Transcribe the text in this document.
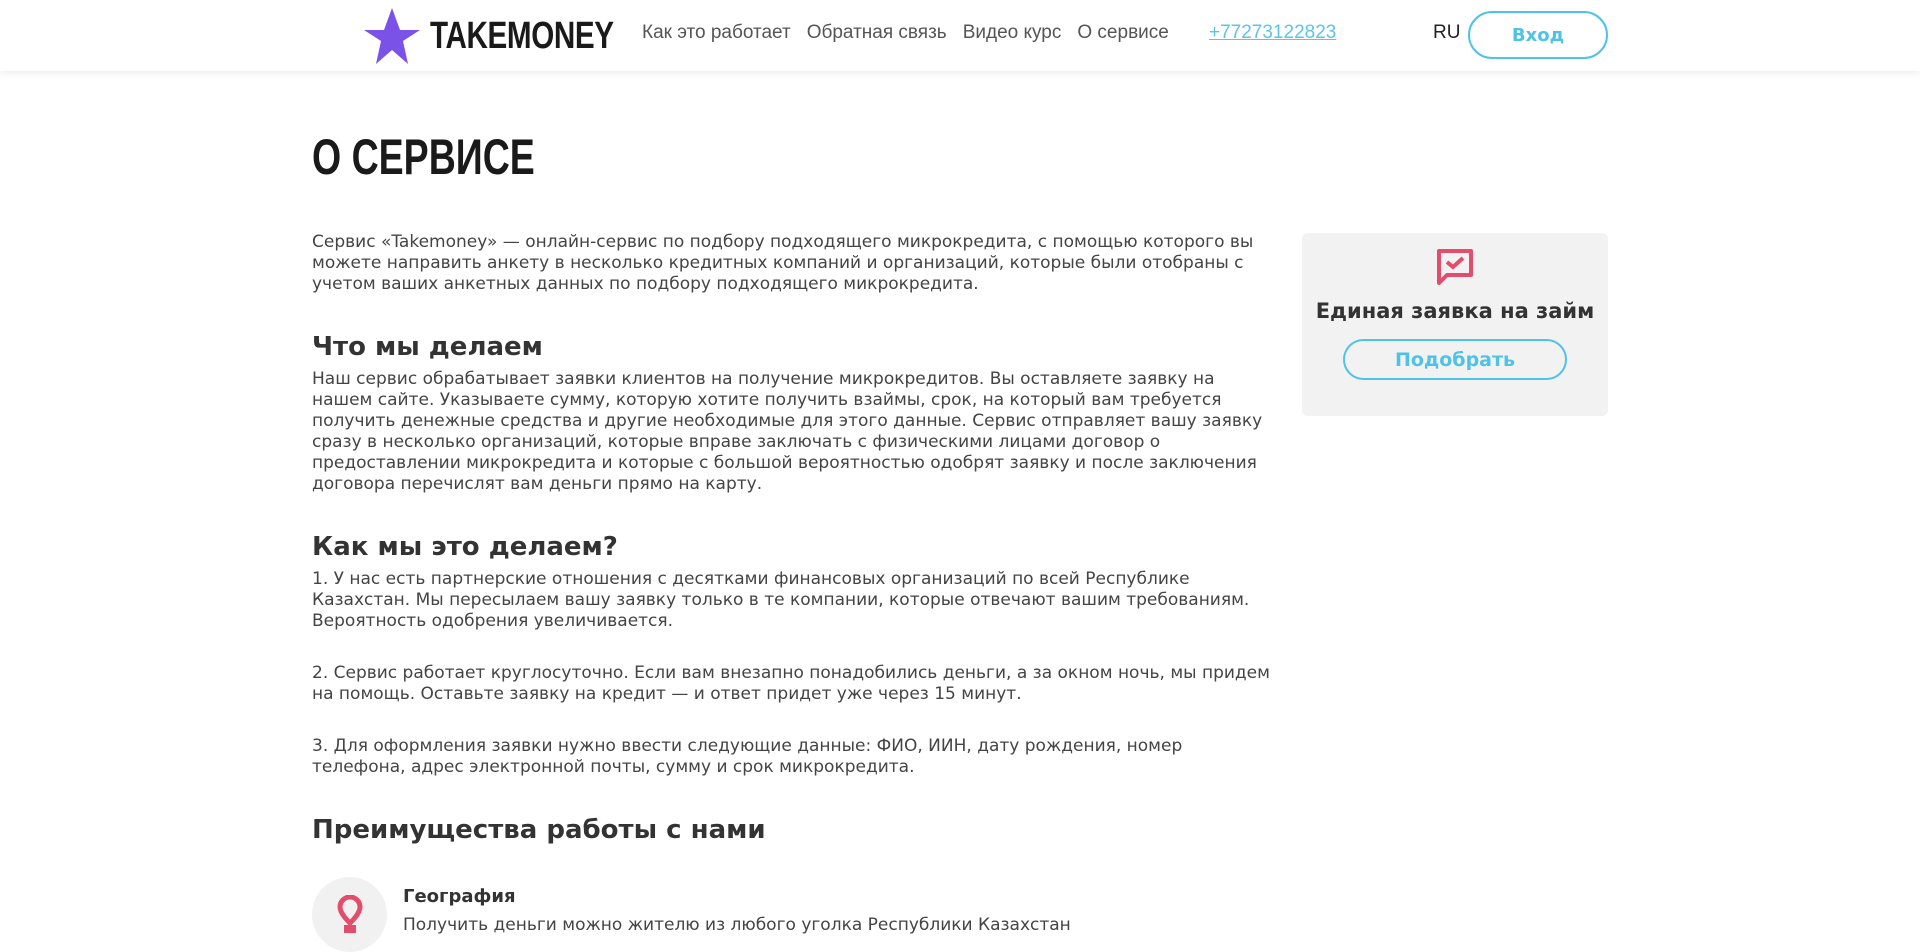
TAKEMONEY Как это работает Обратная связь Видео курс О сервисе +77273122823	RU	Вход
О СЕРВИСЕ

Сервис «Takemoney» — онлайн-сервис по подбору подходящего микрокредита, с помощью которого вы можете направить анкету в несколько кредитных компаний и организаций, которые были отобраны с учетом ваших анкетных данных по подбору подходящего микрокредита.

Что мы делаем

Наш сервис обрабатывает заявки клиентов на получение микрокредитов. Вы оставляете заявку на нашем сайте. Указываете сумму, которую хотите получить взаймы, срок, на который вам требуется получить денежные средства и другие необходимые для этого данные. Сервис отправляет вашу заявку сразу в несколько организаций, которые вправе заключать с физическими лицами договор о предоставлении микрокредита и которые с большой вероятностью одобрят заявку и после заключения договора перечислят вам деньги прямо на карту.

Как мы это делаем?

1. У нас есть партнерские отношения с десятками финансовых организаций по всей Республике Казахстан. Мы пересылаем вашу заявку только в те компании, которые отвечают вашим требованиям. Вероятность одобрения увеличивается.

2. Сервис работает круглосуточно. Если вам внезапно понадобились деньги, а за окном ночь, мы придем на помощь. Оставьте заявку на кредит — и ответ придет уже через 15 минут.

3. Для оформления заявки нужно ввести следующие данные: ФИО, ИИН, дату рождения, номер телефона, адрес электронной почты, сумму и срок микрокредита.

Преимущества работы с нами
География
Получить деньги можно жителю из любого уголка Республики Казахстан
Единая заявка на займ
Подобрать
